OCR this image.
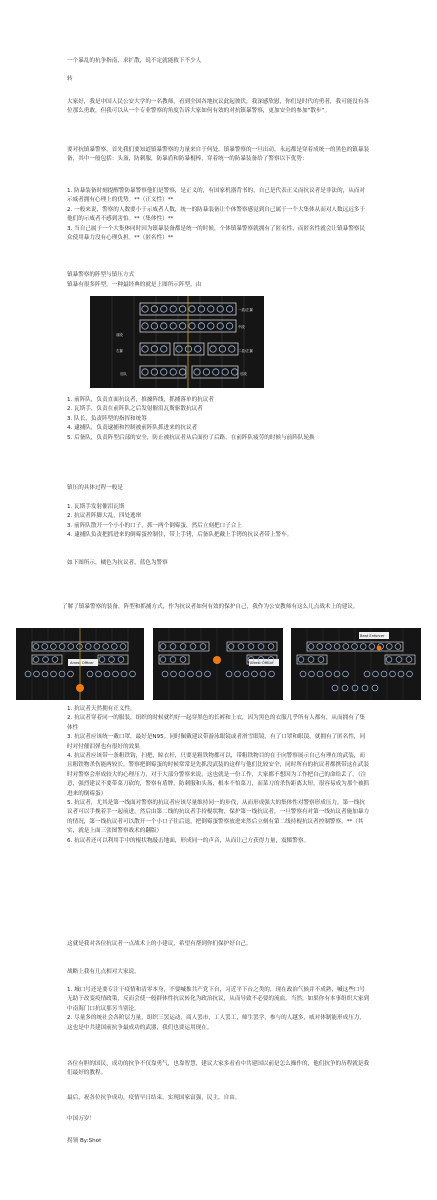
一个暴乱的抗争指南，求扩散，说不定就能救下不少人

转

大家好，我是中国人民公安大学的一名教师，看到全国各地抗议此起彼伏，我深感欣慰，你们是时代的勇者，我可能没有各位那么勇敢，但我可以从一个专业警察的角度告诉大家如何有效的对抗镇暴警察，更加安全的参加“散步”。

要对抗镇暴警察，首先我们要知道镇暴警察的力量来自于何处。镇暴警察的一旦出动，永远都是穿着成统一的黑色的镇暴装备，其中一般包括：头盔，防刺服，防暴盾和防暴棍棒，穿着统一的防暴装备给了警察以下优势：

1. 防暴装备时刻提醒警防暴警察他们是警察，是正义的，有国家机器背书的，自己是代表正义而抗议者是非法的，从而对示威者拥有心理上的优势。**（正义性）**
2. 一般来说，警察的人数要小于示威者人数，统一的防暴装备让个体警察感觉到自己属于一个大集体从而对人数远远多于他们的示威者不感到害怕。**（集体性）**
3. 当自己属于一个大集体同时因为镇暴装备都是统一的时候，个体镇暴警察就拥有了匿名性，而匿名性就会让镇暴警察民众使用暴力没有心理负担。**（匿名性）**

镇暴警察的阵型与镇压方式

镇暴有很多阵型，一种最经典的就是上图所示阵型，由

一盾/左翼
中段
二盾/左翼
右翼
前段
后段
后队
1. 前阵队，负责直面抗议者，推搡阵线，抓捕落单的抗议者
2. 瓦斯手，负责在前阵队之后发射催泪瓦斯驱散抗议者
3. 队长，负责阵型的指挥和统筹
4. 逮捕队，负责逮捕和控制被前阵队抓进来的抗议者
5. 后备队，负责阵型后部的安全，防止被抗议者从后面扮了后路，在前阵队疲劳的时候与前阵队轮换

镇压的具体过程一般是

1. 瓦斯手发射催泪瓦斯
2. 抗议者阵脚大乱，四处逃窜
3. 前阵队散开一个小小的口子，抓一两个倒霉蛋，然后立刻把口子合上
4. 逮捕队负责把抓进来的倒霉蛋控制住，带上手铐，后备队把戴上手铐的抗议者带上警车。

如下图所示，橘色为抗议者，蓝色为警察

了解了镇暴警察的装备，阵型和抓捕方式，作为抗议者如何有效的保护自己，我作为公安教师有这么几点战术上的建议。

Arrest Officer	Arrest Officer
Beat Enforcer
1. 抗议者天然拥有正义性。
2. 抗议者穿着同一的服装，组织的时候就约好一起穿黑色的长裤和上衣，因为黑色的衣服几乎所有人都有，从而拥有了集体性
3. 抗议者应该统一戴口罩，最好是N95。同时佩戴建议带游泳眼镜或者滑雪眼镜，有了口罩和眼镜，就拥有了匿名性，同时对付催泪弹也有很好的效果
4. 抗议者应该带一条粗铁钩，扫把，晾衣杆，只要是粗铁物都可以，带粗铁物目的在于向警察展示自己有理在的武装，而且粗铁物杀伤能两较长，警察把倒霉蛋的时候常常是先抓没武装的这样与他们比较安全，同时所有的抗议者都携带这在武装时对警察会形成较大的心理压力，对于大部分警察来说，这也就是一份工作，大家都不想因为工作把自己的命给丢了。（注意，强烈建议不要带菜刀砍的，警察有盾牌，防刺服和头盔，根本不怕菜刀，而菜刀的杀伤距离太短，很容易成为那个被抓进来的倒霉蛋）
5. 抗议者，尤其是第一线面对警察的抗议者应该尽量维持同一的步伐，从而形成强大的集体性对警察形成压力，第一线抗议者可以手挽着手一起前进，然后由第二线的抗议者手持棍状物，保护第一线抗议者，一旦警察有对第一线抗议者施加暴力的情况，第一线抗议者可以散开一个小口子往后退，把倒霉蛋警察放进来然后立刻有第二线持棍抗议者控制警察。**（其实，就是上面三张图警察战术的翻版）
6. 抗议者还可以利用手中的棍状物敲击地面，形成同一的声音，从而让己方获得力量，震慑警察。

这就是我对各位抗议者一点战术上的小建议，希望有帮到你们保护好自己。

战略上我有几点相对大家说，

1. 城口号还是要专注于疫情和清零本身，不要喊推共产党下台，习近平下台之类的，现在政治气候并不成熟，喊这些口号无助于改变疫情政策，反而会使一般群体性抗议转化为政治抗议，从而导致不必要的流血。当然，如果你有本事组织大家到中南海门口抗议那另当别论。
2. 尽量多的统社会各阶层力量，组织三罢运动，商人罢市，工人罢工，师生罢学，参与的人越多，威对体制能形成压力，这也是中共建国前抗争最成功的武器，我们也要运用现在。

各位有胆的国民，成功的抗争不仅靠勇气，也靠智慧，建议大家多看看中共建国以前是怎么操作的，他们抗争的历程就是我们最好的教程。

最后，祝各位抗争成功，疫情早日结束，实现国家富强，民主，自由。

中国万岁！

拐领 By:Shot
